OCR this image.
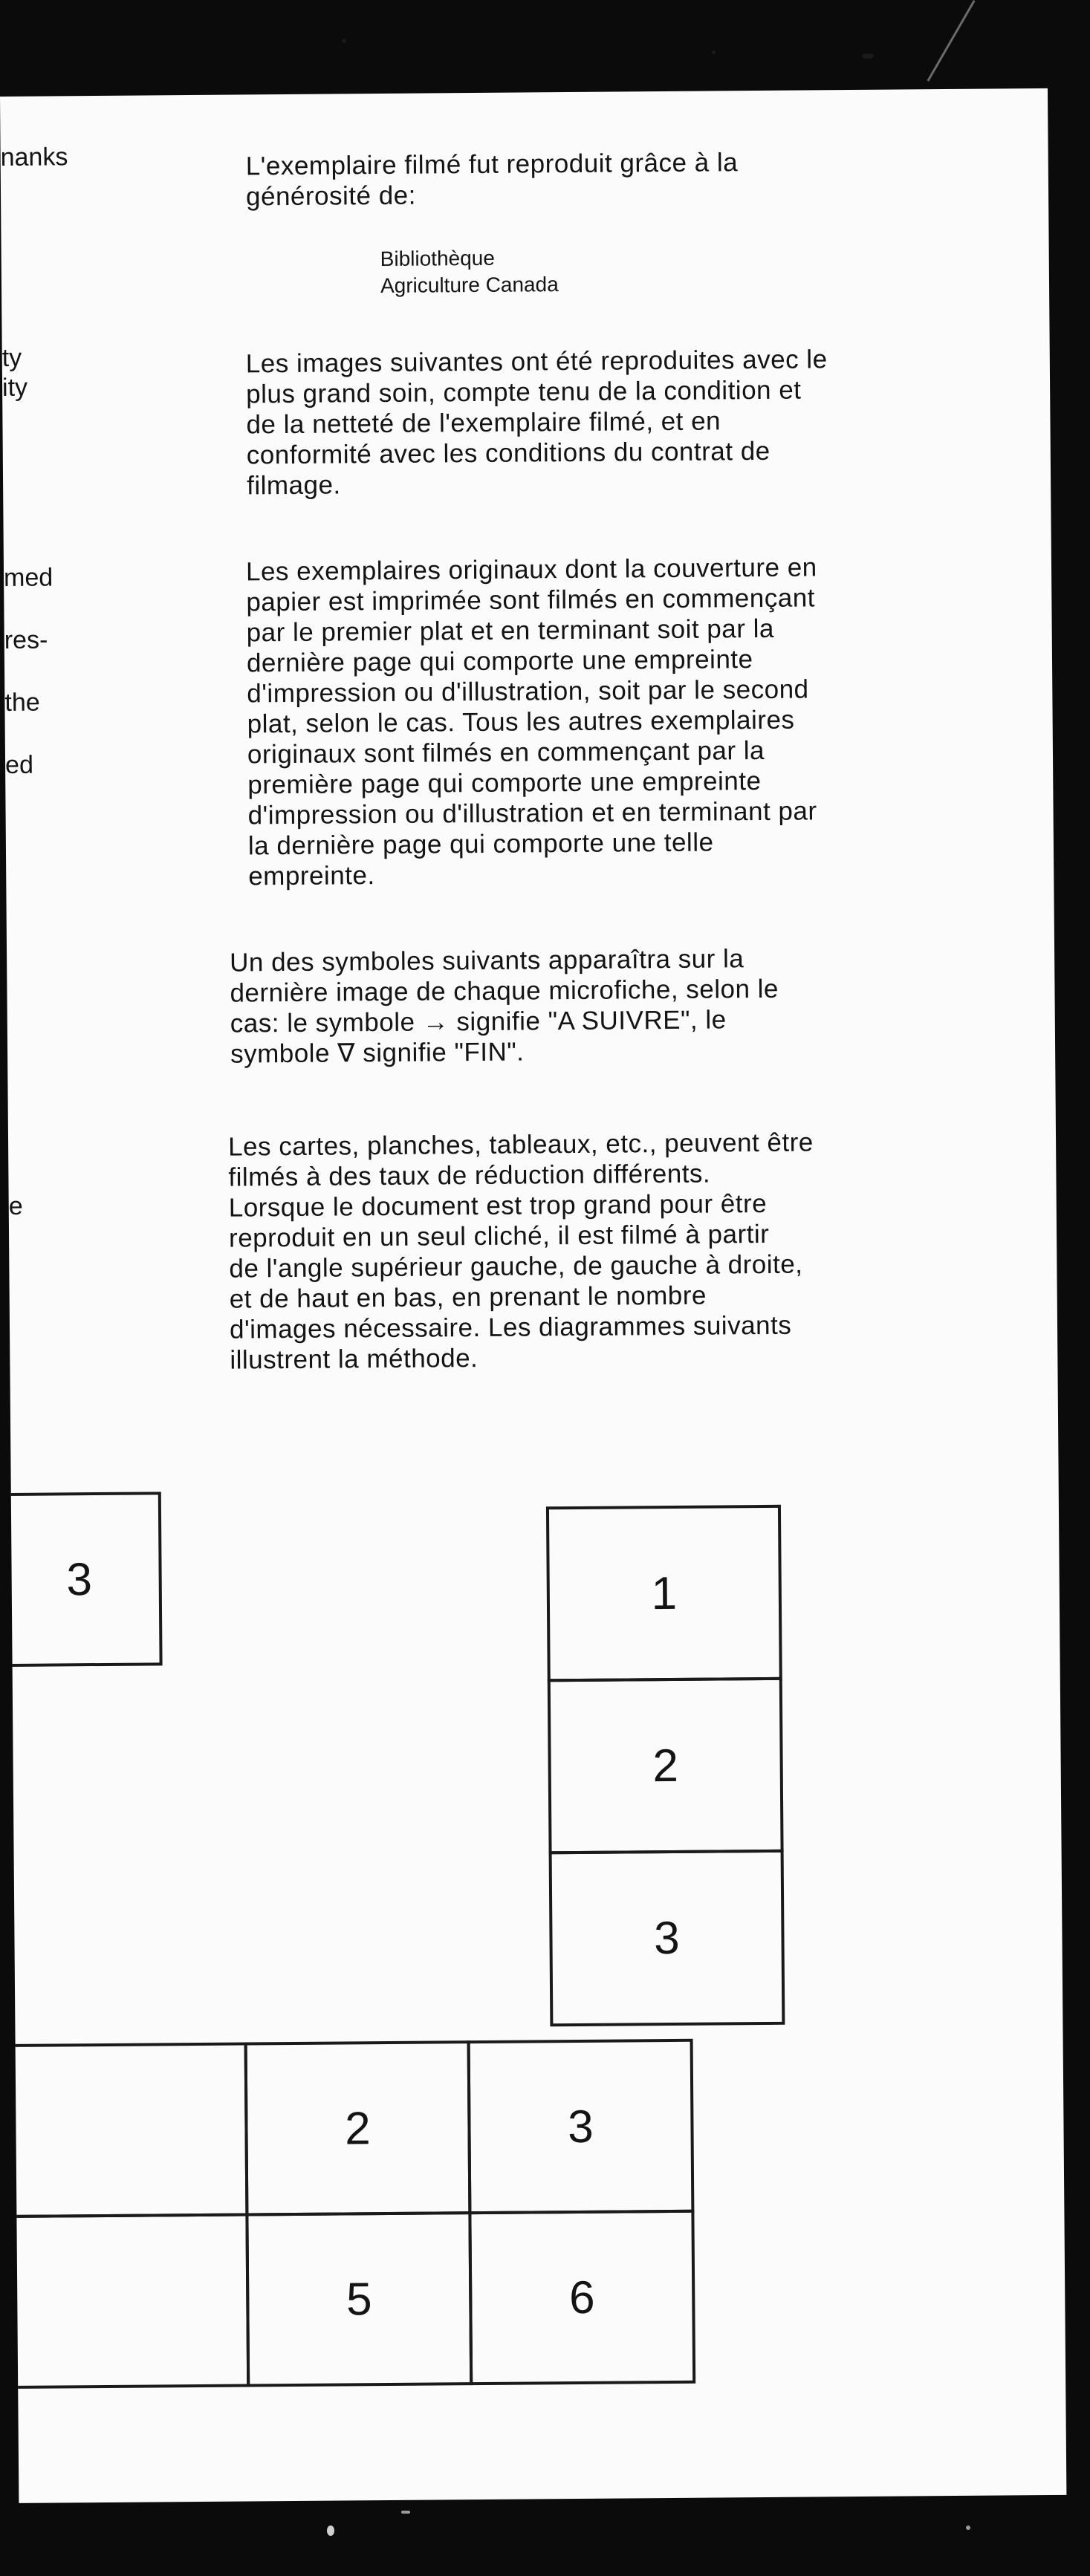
nanks

ty

ity

med

res-

the

ed

e

L'exemplaire filmé fut reproduit grâce à la

générosité de:

Bibliothèque

Agriculture Canada

Les images suivantes ont été reproduites avec le

plus grand soin, compte tenu de la condition et

de la netteté de l'exemplaire filmé, et en

conformité avec les conditions du contrat de

filmage.

Les exemplaires originaux dont la couverture en

papier est imprimée sont filmés en commençant

par le premier plat et en terminant soit par la

dernière page qui comporte une empreinte

d'impression ou d'illustration, soit par le second

plat, selon le cas. Tous les autres exemplaires

originaux sont filmés en commençant par la

première page qui comporte une empreinte

d'impression ou d'illustration et en terminant par

la dernière page qui comporte une telle

empreinte.

Un des symboles suivants apparaîtra sur la

dernière image de chaque microfiche, selon le

cas: le symbole → signifie "A SUIVRE", le

symbole ∇ signifie "FIN".

Les cartes, planches, tableaux, etc., peuvent être

filmés à des taux de réduction différents.

Lorsque le document est trop grand pour être

reproduit en un seul cliché, il est filmé à partir

de l'angle supérieur gauche, de gauche à droite,

et de haut en bas, en prenant le nombre

d'images nécessaire. Les diagrammes suivants

illustrent la méthode.

3	1
2
3
2	3
5	6
